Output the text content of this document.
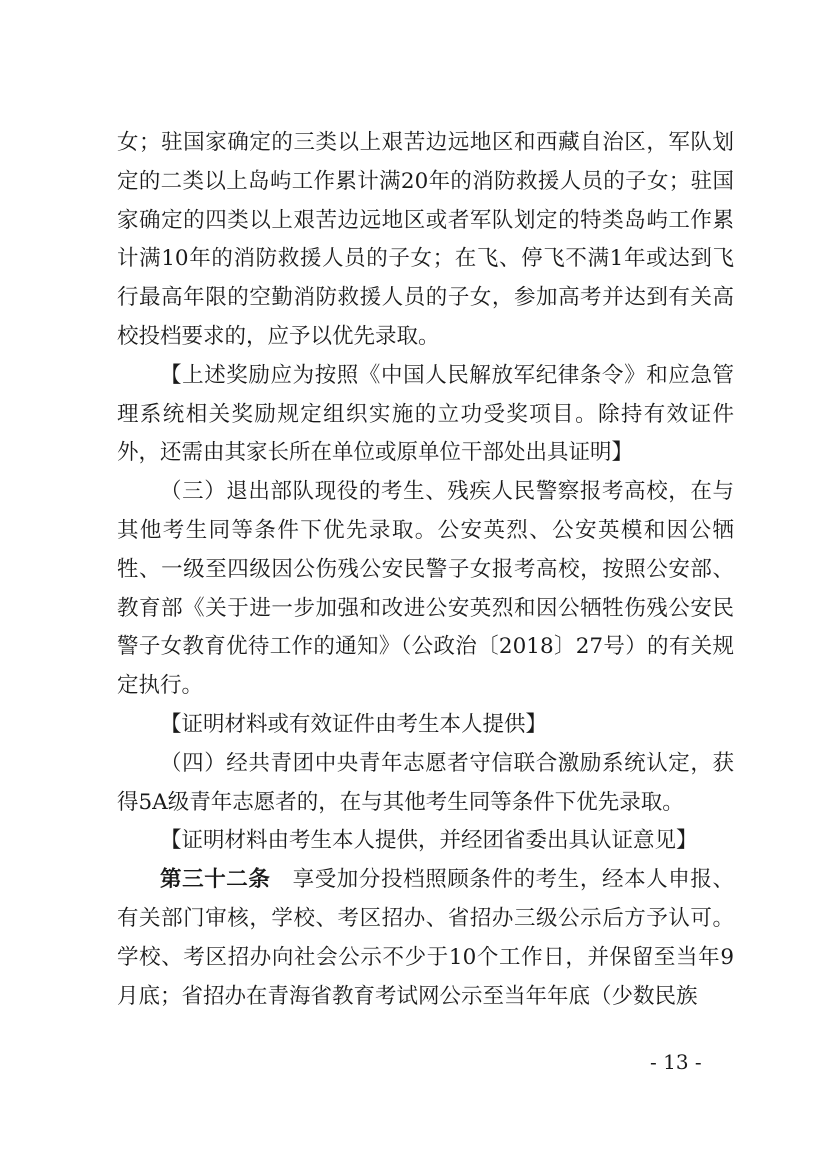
女；驻国家确定的三类以上艰苦边远地区和西藏自治区，军队划定的二类以上岛屿工作累计满20年的消防救援人员的子女；驻国家确定的四类以上艰苦边远地区或者军队划定的特类岛屿工作累计满10年的消防救援人员的子女；在飞、停飞不满1年或达到飞行最高年限的空勤消防救援人员的子女，参加高考并达到有关高校投档要求的，应予以优先录取。

【上述奖励应为按照《中国人民解放军纪律条令》和应急管理系统相关奖励规定组织实施的立功受奖项目。除持有效证件外，还需由其家长所在单位或原单位干部处出具证明】

（三）退出部队现役的考生、残疾人民警察报考高校，在与其他考生同等条件下优先录取。公安英烈、公安英模和因公牺牲、一级至四级因公伤残公安民警子女报考高校，按照公安部、教育部《关于进一步加强和改进公安英烈和因公牺牲伤残公安民警子女教育优待工作的通知》（公政治〔2018〕27号）的有关规定执行。

【证明材料或有效证件由考生本人提供】

（四）经共青团中央青年志愿者守信联合激励系统认定，获得5A级青年志愿者的，在与其他考生同等条件下优先录取。

【证明材料由考生本人提供，并经团省委出具认证意见】

第三十二条　享受加分投档照顾条件的考生，经本人申报、有关部门审核，学校、考区招办、省招办三级公示后方予认可。学校、考区招办向社会公示不少于10个工作日，并保留至当年9月底；省招办在青海省教育考试网公示至当年年底（少数民族

- 13 -
